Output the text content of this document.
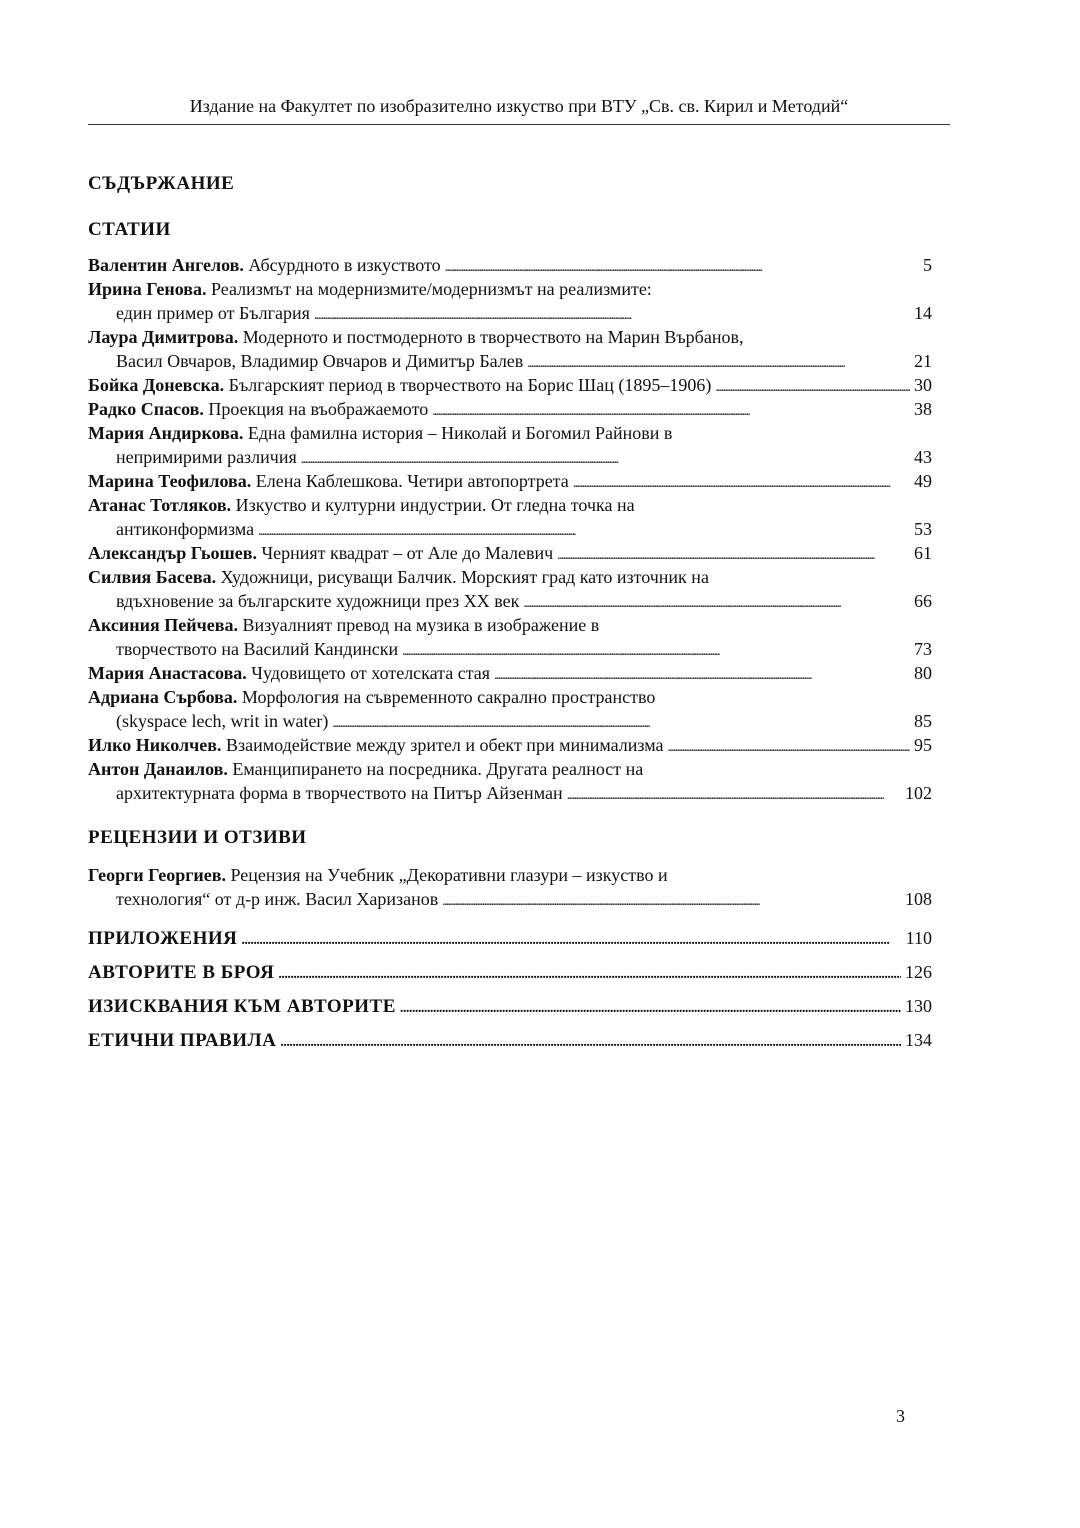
Издание на Факултет по изобразително изкуство при ВТУ „Св. св. Кирил и Методий“
СЪДЪРЖАНИЕ
СТАТИИ
Валентин Ангелов. Абсурдното в изкуството . . .	5
Ирина Генова. Реализмът на модернизмите/модернизмът на реализмите:
един пример от България . . .	14
Лаура Димитрова. Модерното и постмодерното в творчеството на Марин Върбанов,
Васил Овчаров, Владимир Овчаров и Димитър Балев . . .	21
Бойка Доневска. Българският период в творчеството на Борис Шац (1895–1906) . . .	30
Радко Спасов. Проекция на въображаемото . . .	38
Мария Андиркова. Една фамилна история – Николай и Богомил Райнови в
непримирими различия . . .	43
Марина Теофилова. Елена Каблешкова. Четири автопортрета . . .	49
Атанас Тотляков. Изкуство и културни индустрии. От гледна точка на
антиконформизма . . .	53
Александър Гьошев. Черният квадрат – от Але до Малевич . . .	61
Силвия Басева. Художници, рисуващи Балчик. Морският град като източник на
вдъхновение за българските художници през XX век . . .	66
Аксиния Пейчева. Визуалният превод на музика в изображение в
творчеството на Василий Кандински . . .	73
Мария Анастасова. Чудовището от хотелската стая . . .	80
Адриана Сърбова. Морфология на съвременното сакрално пространство
(skyspace lech, writ in water) . . .	85
Илко Николчев. Взаимодействие между зрител и обект при минимализма . . .	95
Антон Данаилов. Еманципирането на посредника. Другата реалност на
архитектурната форма в творчеството на Питър Айзенман . . .	102
РЕЦЕНЗИИ И ОТЗИВИ
Георги Георгиев. Рецензия на Учебник „Декоративни глазури – изкуство и
технология“ от д-р инж. Васил Харизанов . . .	108
ПРИЛОЖЕНИЯ .....	110
АВТОРИТЕ В БРОЯ .....	126
ИЗИСКВАНИЯ КЪМ АВТОРИТЕ .....	130
ЕТИЧНИ ПРАВИЛА .....	134
3
